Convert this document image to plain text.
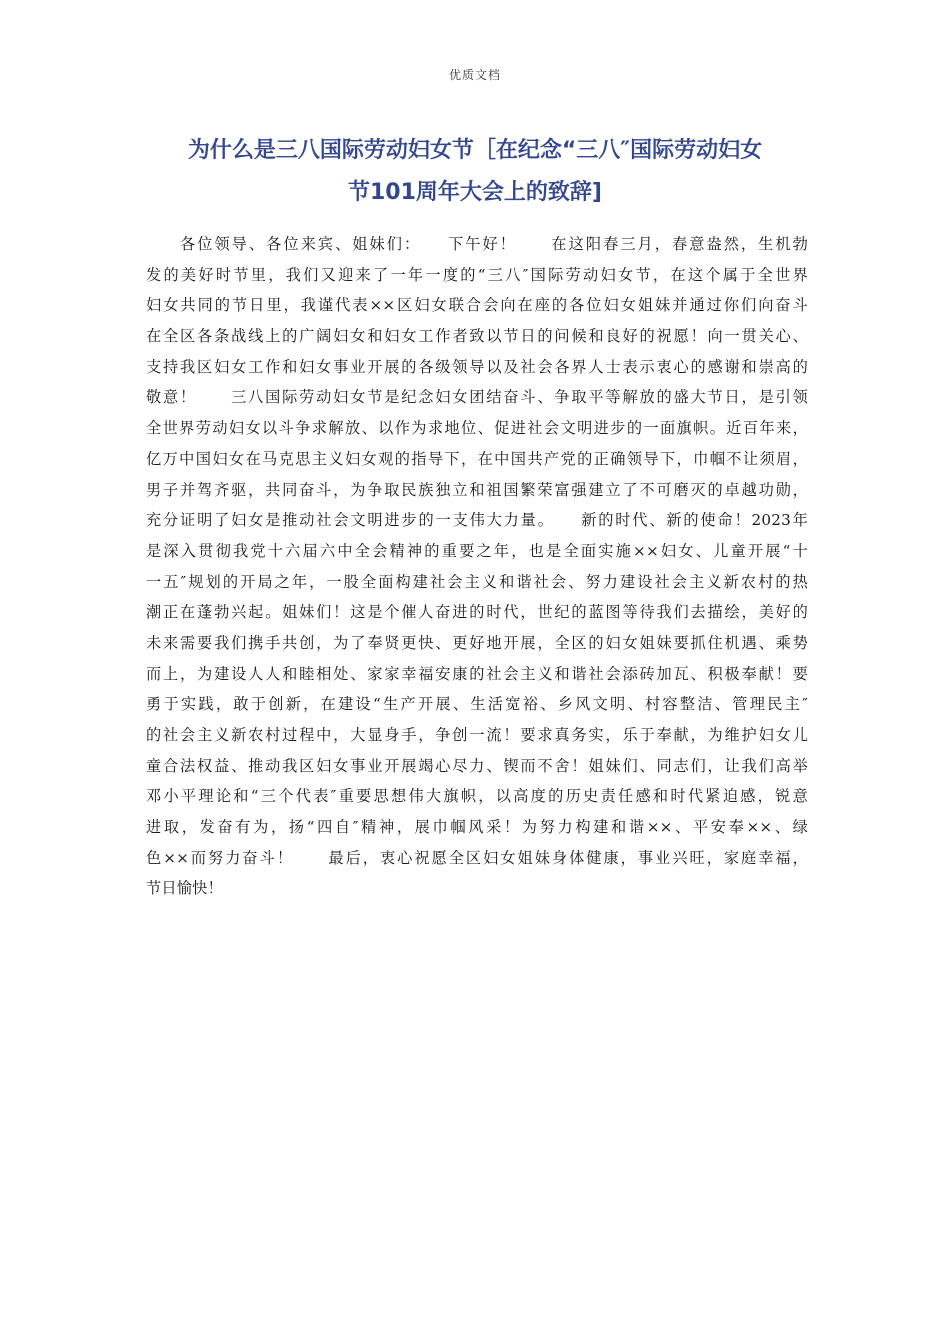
优质文档
为什么是三八国际劳动妇女节［在纪念“三八″国际劳动妇女
节101周年大会上的致辞]
各位领导、各位来宾、姐妹们：　　下午好！　　在这阳春三月，春意盎然，生机勃
发的美好时节里，我们又迎来了一年一度的“三八″国际劳动妇女节，在这个属于全世界
妇女共同的节日里，我谨代表××区妇女联合会向在座的各位妇女姐妹并通过你们向奋斗
在全区各条战线上的广阔妇女和妇女工作者致以节日的问候和良好的祝愿！向一贯关心、
支持我区妇女工作和妇女事业开展的各级领导以及社会各界人士表示衷心的感谢和崇高的
敬意！　　三八国际劳动妇女节是纪念妇女团结奋斗、争取平等解放的盛大节日，是引领
全世界劳动妇女以斗争求解放、以作为求地位、促进社会文明进步的一面旗帜。近百年来，
亿万中国妇女在马克思主义妇女观的指导下，在中国共产党的正确领导下，巾帼不让须眉，
男子并驾齐驱，共同奋斗，为争取民族独立和祖国繁荣富强建立了不可磨灭的卓越功勋，
充分证明了妇女是推动社会文明进步的一支伟大力量。　　新的时代、新的使命！2023年
是深入贯彻我党十六届六中全会精神的重要之年，也是全面实施××妇女、儿童开展“十
一五″规划的开局之年，一股全面构建社会主义和谐社会、努力建设社会主义新农村的热
潮正在蓬勃兴起。姐妹们！这是个催人奋进的时代，世纪的蓝图等待我们去描绘，美好的
未来需要我们携手共创，为了奉贤更快、更好地开展，全区的妇女姐妹要抓住机遇、乘势
而上，为建设人人和睦相处、家家幸福安康的社会主义和谐社会添砖加瓦、积极奉献！要
勇于实践，敢于创新，在建设“生产开展、生活宽裕、乡风文明、村容整洁、管理民主″
的社会主义新农村过程中，大显身手，争创一流！要求真务实，乐于奉献，为维护妇女儿
童合法权益、推动我区妇女事业开展竭心尽力、锲而不舍！姐妹们、同志们，让我们高举
邓小平理论和“三个代表″重要思想伟大旗帜，以高度的历史责任感和时代紧迫感，锐意
进取，发奋有为，扬“四自″精神，展巾帼风采！为努力构建和谐××、平安奉××、绿
色××而努力奋斗！　　最后，衷心祝愿全区妇女姐妹身体健康，事业兴旺，家庭幸福，
节日愉快！
